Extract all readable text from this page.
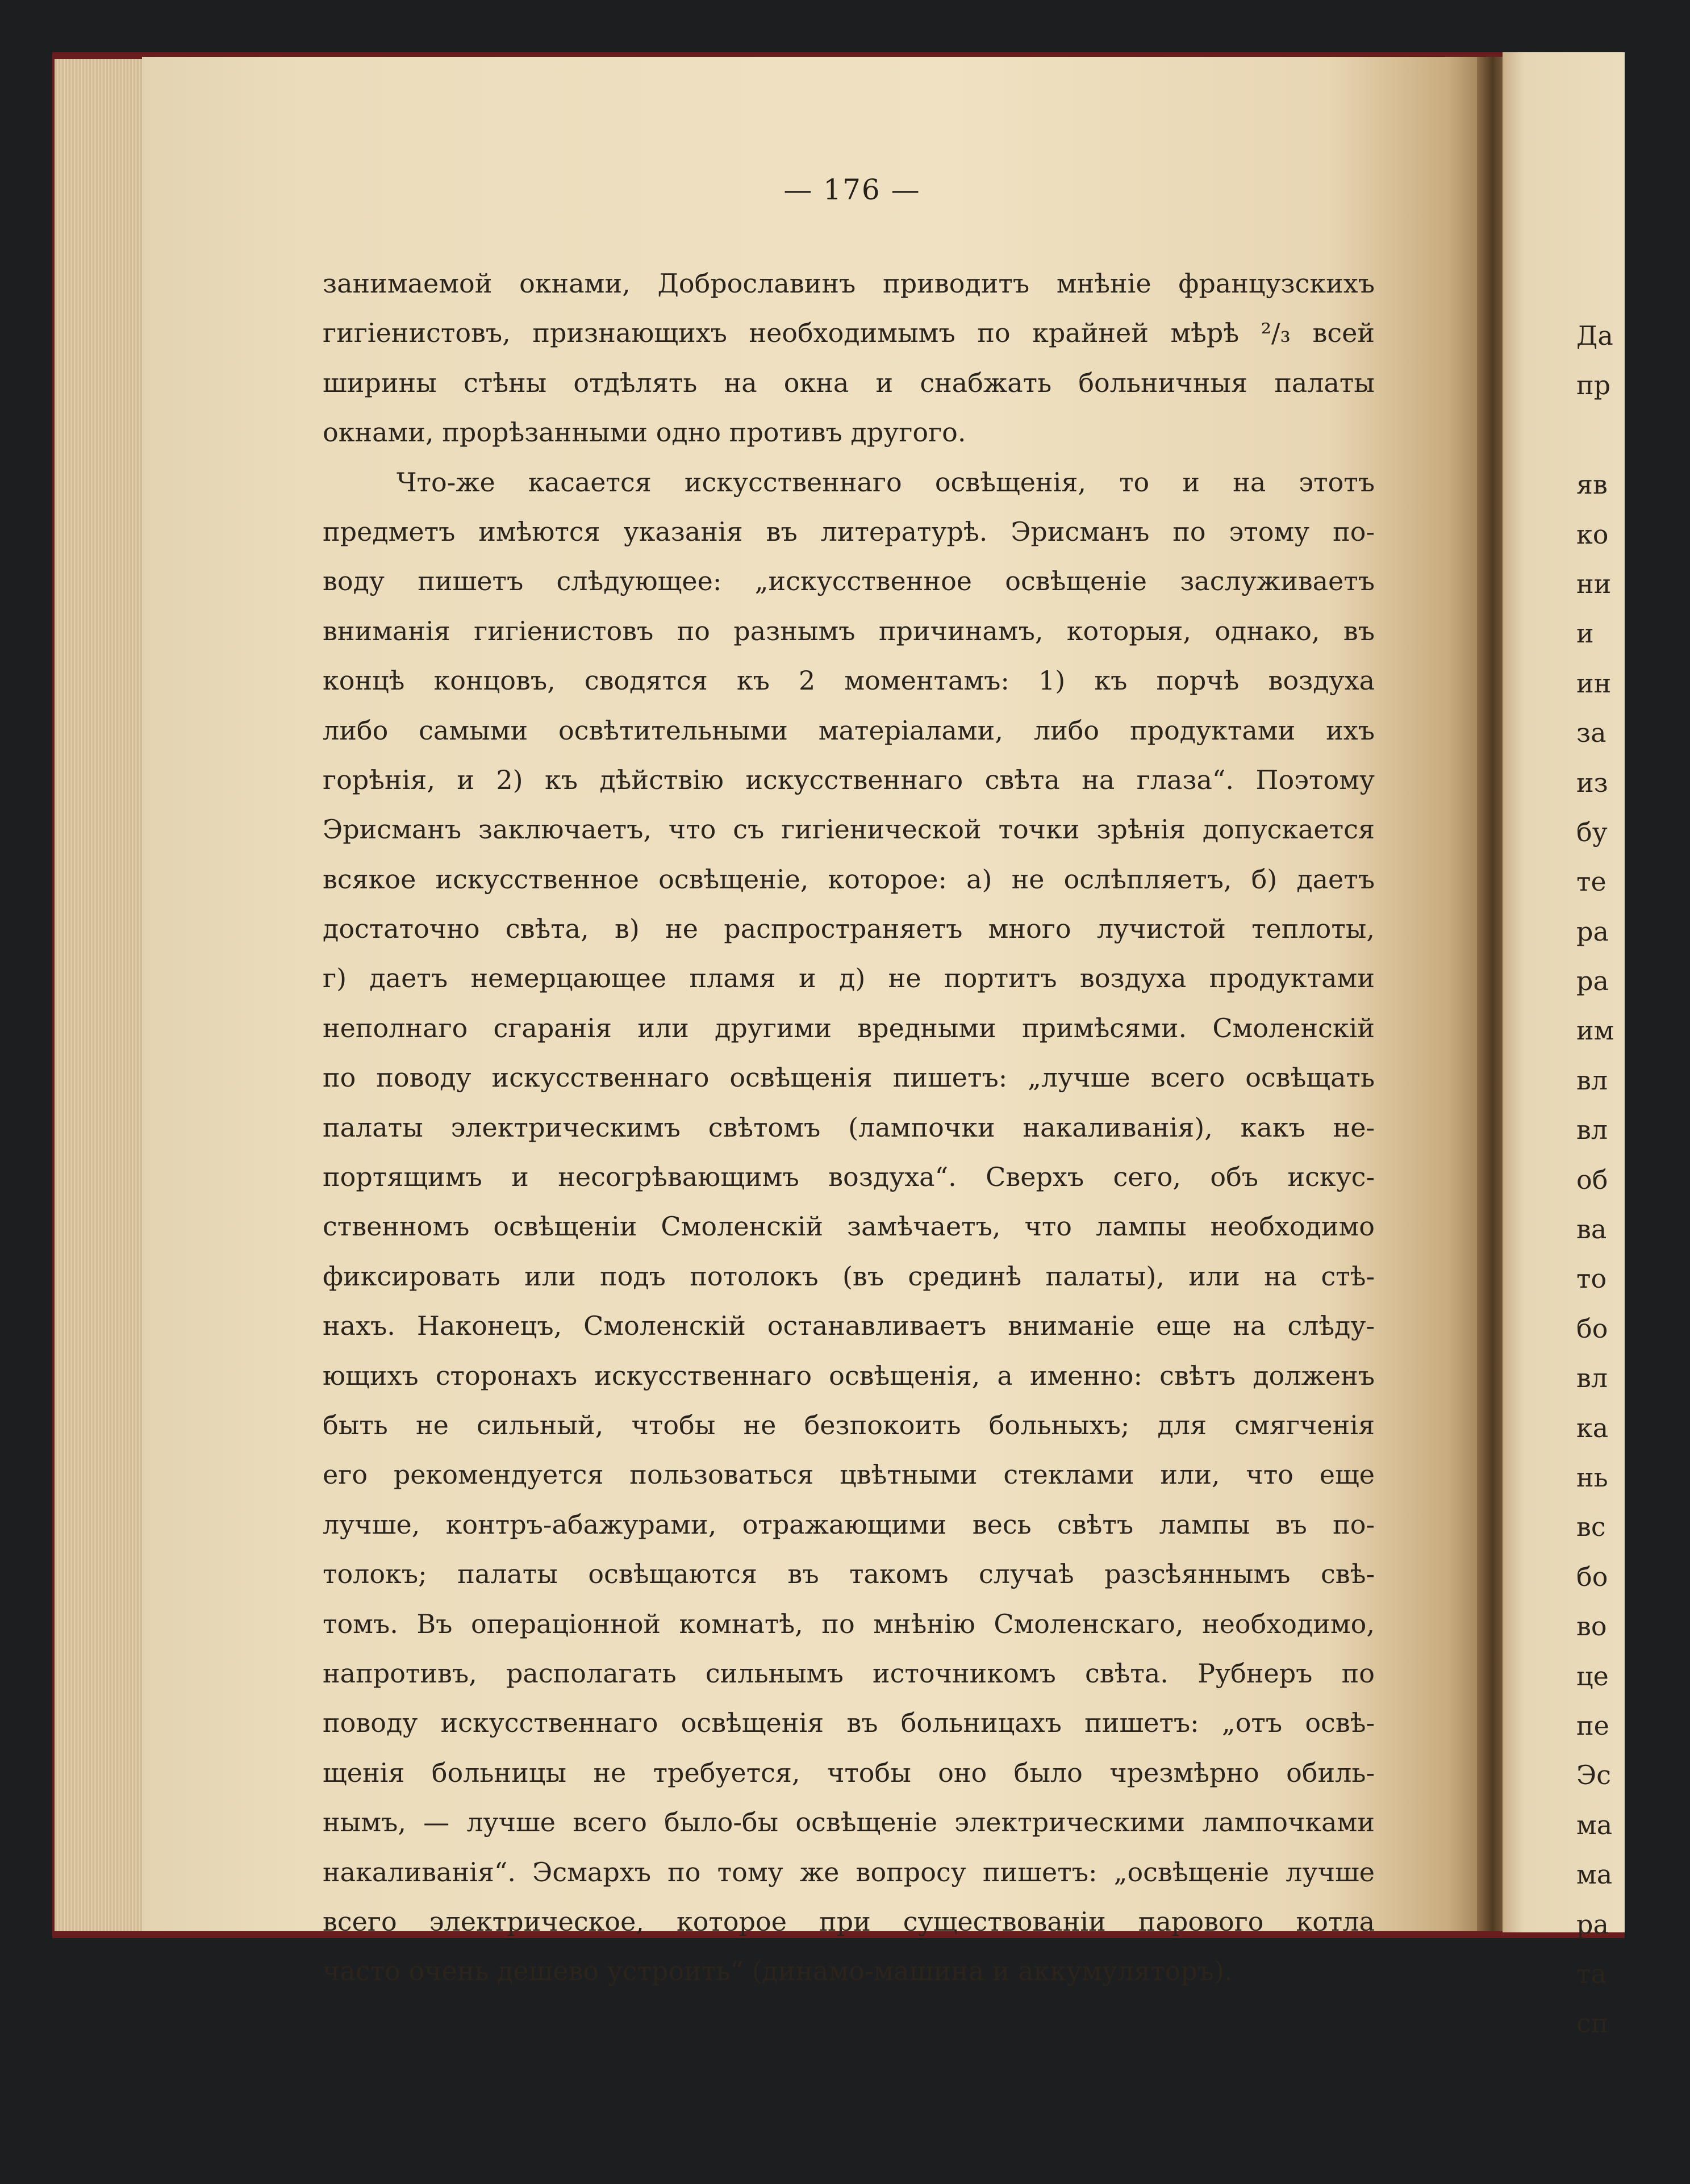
Да
пр
яв
ко
ни
и
ин
за
из
бу
те
ра
ра
им
вл
вл
об
ва
то
бо
вл
ка
нь
вс
бо
во
це
пе
Эс
ма
ма
ра
та
сп
— 176 —
занимаемой окнами, Доброславинъ приводитъ мнѣніе французскихъ
гигіенистовъ, признающихъ необходимымъ по крайней мѣрѣ ²/₃ всей
ширины стѣны отдѣлять на окна и снабжать больничныя палаты
окнами, прорѣзанными одно противъ другого.
Что-же касается искусственнаго освѣщенія, то и на этотъ
предметъ имѣются указанія въ литературѣ. Эрисманъ по этому по-
воду пишетъ слѣдующее: „искусственное освѣщеніе заслуживаетъ
вниманія гигіенистовъ по разнымъ причинамъ, которыя, однако, въ
концѣ концовъ, сводятся къ 2 моментамъ: 1) къ порчѣ воздуха
либо самыми освѣтительными матеріалами, либо продуктами ихъ
горѣнія, и 2) къ дѣйствію искусственнаго свѣта на глаза“. Поэтому
Эрисманъ заключаетъ, что съ гигіенической точки зрѣнія допускается
всякое искусственное освѣщеніе, которое: а) не ослѣпляетъ, б) даетъ
достаточно свѣта, в) не распространяетъ много лучистой теплоты,
г) даетъ немерцающее пламя и д) не портитъ воздуха продуктами
неполнаго сгаранія или другими вредными примѣсями. Смоленскій
по поводу искусственнаго освѣщенія пишетъ: „лучше всего освѣщать
палаты электрическимъ свѣтомъ (лампочки накаливанія), какъ не-
портящимъ и несогрѣвающимъ воздуха“. Сверхъ сего, объ искус-
ственномъ освѣщеніи Смоленскій замѣчаетъ, что лампы необходимо
фиксировать или подъ потолокъ (въ срединѣ палаты), или на стѣ-
нахъ. Наконецъ, Смоленскій останавливаетъ вниманіе еще на слѣду-
ющихъ сторонахъ искусственнаго освѣщенія, а именно: свѣтъ долженъ
быть не сильный, чтобы не безпокоить больныхъ; для смягченія
его рекомендуется пользоваться цвѣтными стеклами или, что еще
лучше, контръ-абажурами, отражающими весь свѣтъ лампы въ по-
толокъ; палаты освѣщаются въ такомъ случаѣ разсѣяннымъ свѣ-
томъ. Въ операціонной комнатѣ, по мнѣнію Смоленскаго, необходимо,
напротивъ, располагать сильнымъ источникомъ свѣта. Рубнеръ по
поводу искусственнаго освѣщенія въ больницахъ пишетъ: „отъ освѣ-
щенія больницы не требуется, чтобы оно было чрезмѣрно обиль-
нымъ, — лучше всего было-бы освѣщеніе электрическими лампочками
накаливанія“. Эсмархъ по тому же вопросу пишетъ: „освѣщеніе лучше
всего электрическое, которое при существованіи парового котла
часто очень дешево устроить“ (динамо-машина и аккумуляторъ).
